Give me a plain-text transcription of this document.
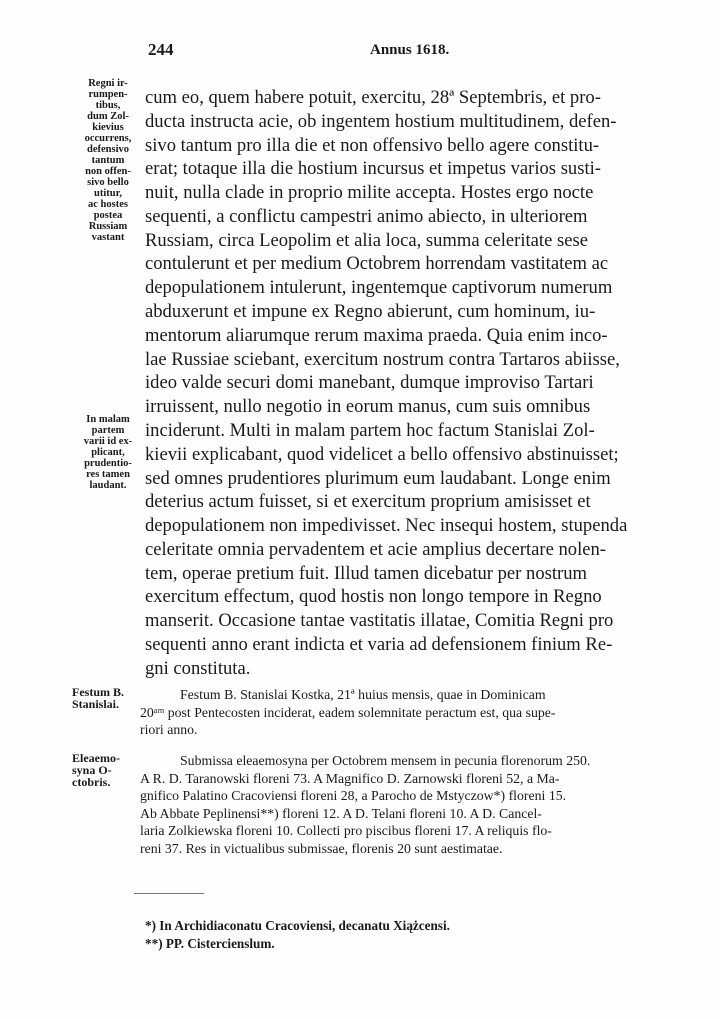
244	Annus 1618.
Regni ir-
rumpen-
tibus,
dum Zol-
kievius
occurrens,
defensivo
tantum
non offen-
sivo bello
utitur,
ac hostes
postea
Russiam
vastant
In malam
partem
varii id ex-
plicant,
prudentio-
res tamen
laudant.
cum eo, quem habere potuit, exercitu, 28ª Septembris, et pro-
ducta instructa acie, ob ingentem hostium multitudinem, defen-
sivo tantum pro illa die et non offensivo bello agere constitu-
erat; totaque illa die hostium incursus et impetus varios susti-
nuit, nulla clade in proprio milite accepta. Hostes ergo nocte
sequenti, a conflictu campestri animo abiecto, in ulteriorem
Russiam, circa Leopolim et alia loca, summa celeritate sese
contulerunt et per medium Octobrem horrendam vastitatem ac
depopulationem intulerunt, ingentemque captivorum numerum
abduxerunt et impune ex Regno abierunt, cum hominum, iu-
mentorum aliarumque rerum maxima praeda. Quia enim inco-
lae Russiae sciebant, exercitum nostrum contra Tartaros abiisse,
ideo valde securi domi manebant, dumque improviso Tartari
irruissent, nullo negotio in eorum manus, cum suis omnibus
inciderunt. Multi in malam partem hoc factum Stanislai Zol-
kievii explicabant, quod videlicet a bello offensivo abstinuisset;
sed omnes prudentiores plurimum eum laudabant. Longe enim
deterius actum fuisset, si et exercitum proprium amisisset et
depopulationem non impedivisset. Nec insequi hostem, stupenda
celeritate omnia pervadentem et acie amplius decertare nolen-
tem, operae pretium fuit. Illud tamen dicebatur per nostrum
exercitum effectum, quod hostis non longo tempore in Regno
manserit. Occasione tantae vastitatis illatae, Comitia Regni pro
sequenti anno erant indicta et varia ad defensionem finium Re-
gni constituta.
Festum B.
Stanislai.
Festum B. Stanislai Kostka, 21ª huius mensis, quae in Dominicam
20ᵃᵐ post Pentecosten inciderat, eadem solemnitate peractum est, qua supe-
riori anno.
Eleaemo-
syna O-
ctobris.
Submissa eleaemosyna per Octobrem mensem in pecunia florenorum 250.
A R. D. Taranowski floreni 73. A Magnifico D. Zarnowski floreni 52, a Ma-
gnifico Palatino Cracoviensi floreni 28, a Parocho de Mstyczow*) floreni 15.
Ab Abbate Peplinensi**) floreni 12. A D. Telani floreni 10. A D. Cancel-
laria Zolkiewska floreni 10. Collecti pro piscibus floreni 17. A reliquis flo-
reni 37. Res in victualibus submissae, florenis 20 sunt aestimatae.
*) In Archidiaconatu Cracoviensi, decanatu Xiążcensi.
**) PP. Cistercienslum.
